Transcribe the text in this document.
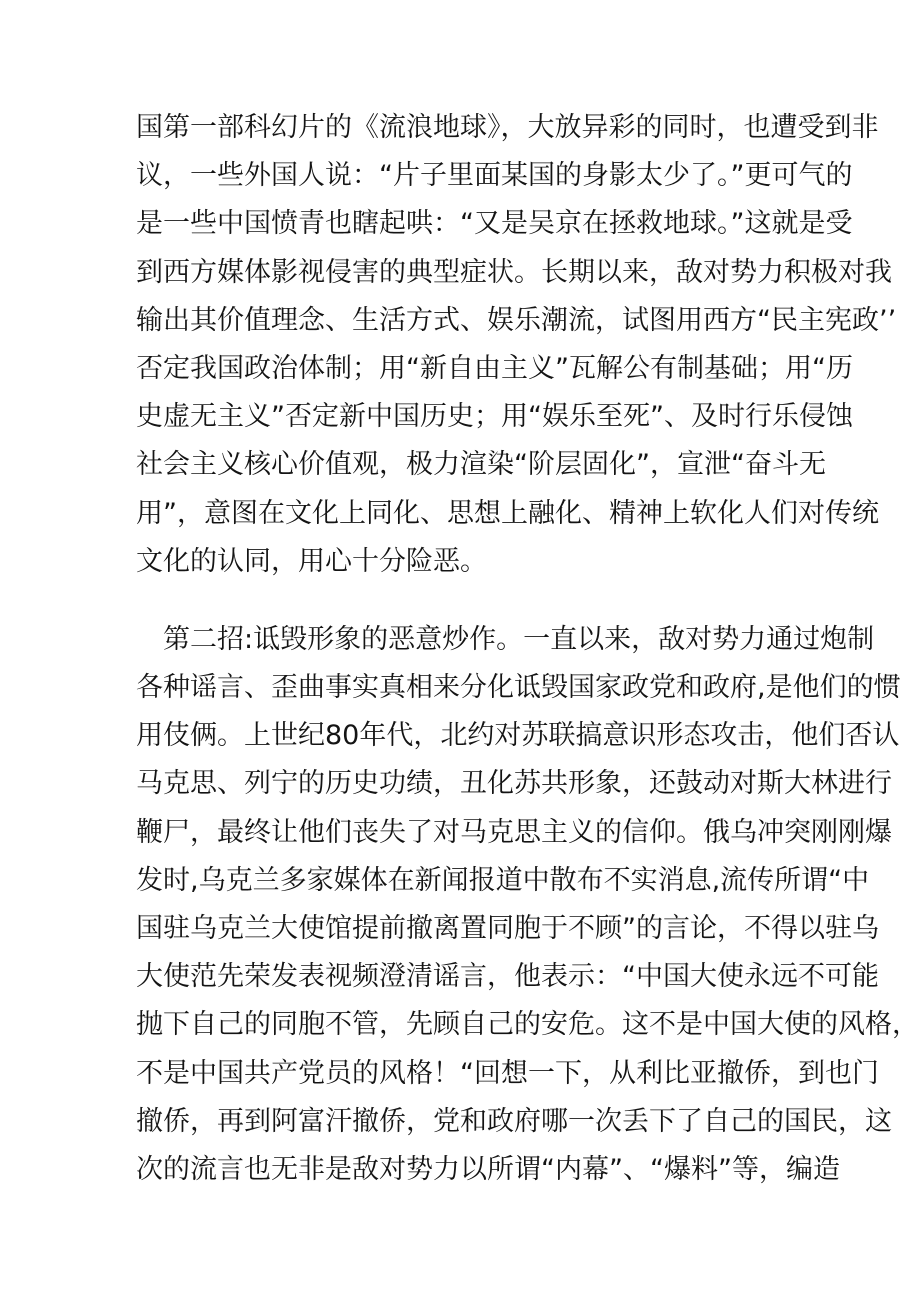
国第一部科幻片的《流浪地球》，大放异彩的同时，也遭受到非
议，一些外国人说：“片子里面某国的身影太少了。”更可气的
是一些中国愤青也瞎起哄：“又是吴京在拯救地球。”这就是受
到西方媒体影视侵害的典型症状。长期以来，敌对势力积极对我
输出其价值理念、生活方式、娱乐潮流，试图用西方“民主宪政’’
否定我国政治体制；用“新自由主义”瓦解公有制基础；用“历
史虚无主义”否定新中国历史；用“娱乐至死”、及时行乐侵蚀
社会主义核心价值观，极力渲染“阶层固化”，宣泄“奋斗无
用”，意图在文化上同化、思想上融化、精神上软化人们对传统
文化的认同，用心十分险恶。
　第二招:诋毁形象的恶意炒作。一直以来，敌对势力通过炮制
各种谣言、歪曲事实真相来分化诋毁国家政党和政府,是他们的惯
用伎俩。上世纪80年代，北约对苏联搞意识形态攻击，他们否认
马克思、列宁的历史功绩，丑化苏共形象，还鼓动对斯大林进行
鞭尸，最终让他们丧失了对马克思主义的信仰。俄乌冲突刚刚爆
发时,乌克兰多家媒体在新闻报道中散布不实消息,流传所谓“中
国驻乌克兰大使馆提前撤离置同胞于不顾”的言论，不得以驻乌
大使范先荣发表视频澄清谣言，他表示：“中国大使永远不可能
抛下自己的同胞不管，先顾自己的安危。这不是中国大使的风格，
不是中国共产党员的风格！“回想一下，从利比亚撤侨，到也门
撤侨，再到阿富汗撤侨，党和政府哪一次丢下了自己的国民，这
次的流言也无非是敌对势力以所谓“内幕”、“爆料”等，编造
